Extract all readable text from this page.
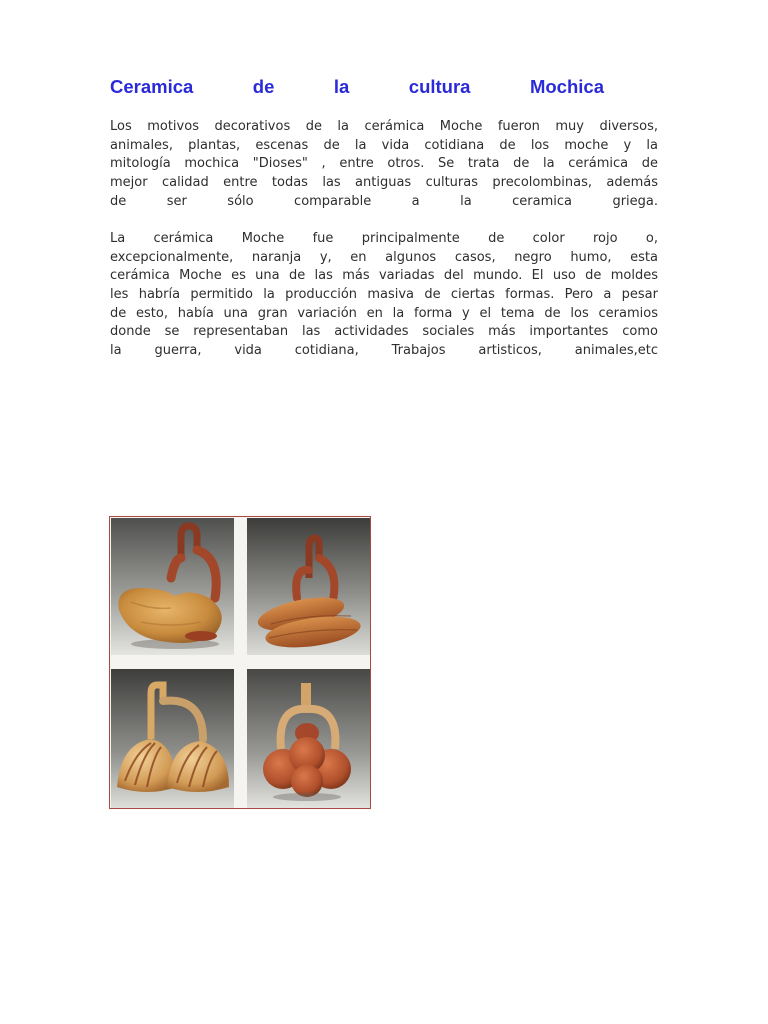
Ceramica	de	la	cultura	Mochica
Los motivos decorativos de la cerámica Moche fueron muy diversos,
animales, plantas, escenas de la vida cotidiana de los moche y la
mitología mochica "Dioses" , entre otros. Se trata de la cerámica de
mejor calidad entre todas las antiguas culturas precolombinas, además
de ser sólo comparable a la ceramica griega.
La cerámica Moche fue principalmente de color rojo o,
excepcionalmente, naranja y, en algunos casos, negro humo, esta
cerámica Moche es una de las más variadas del mundo. El uso de moldes
les habría permitido la producción masiva de ciertas formas. Pero a pesar
de esto, había una gran variación en la forma y el tema de los ceramios
donde se representaban las actividades sociales más importantes como
la guerra, vida cotidiana, Trabajos artisticos, animales,etc
